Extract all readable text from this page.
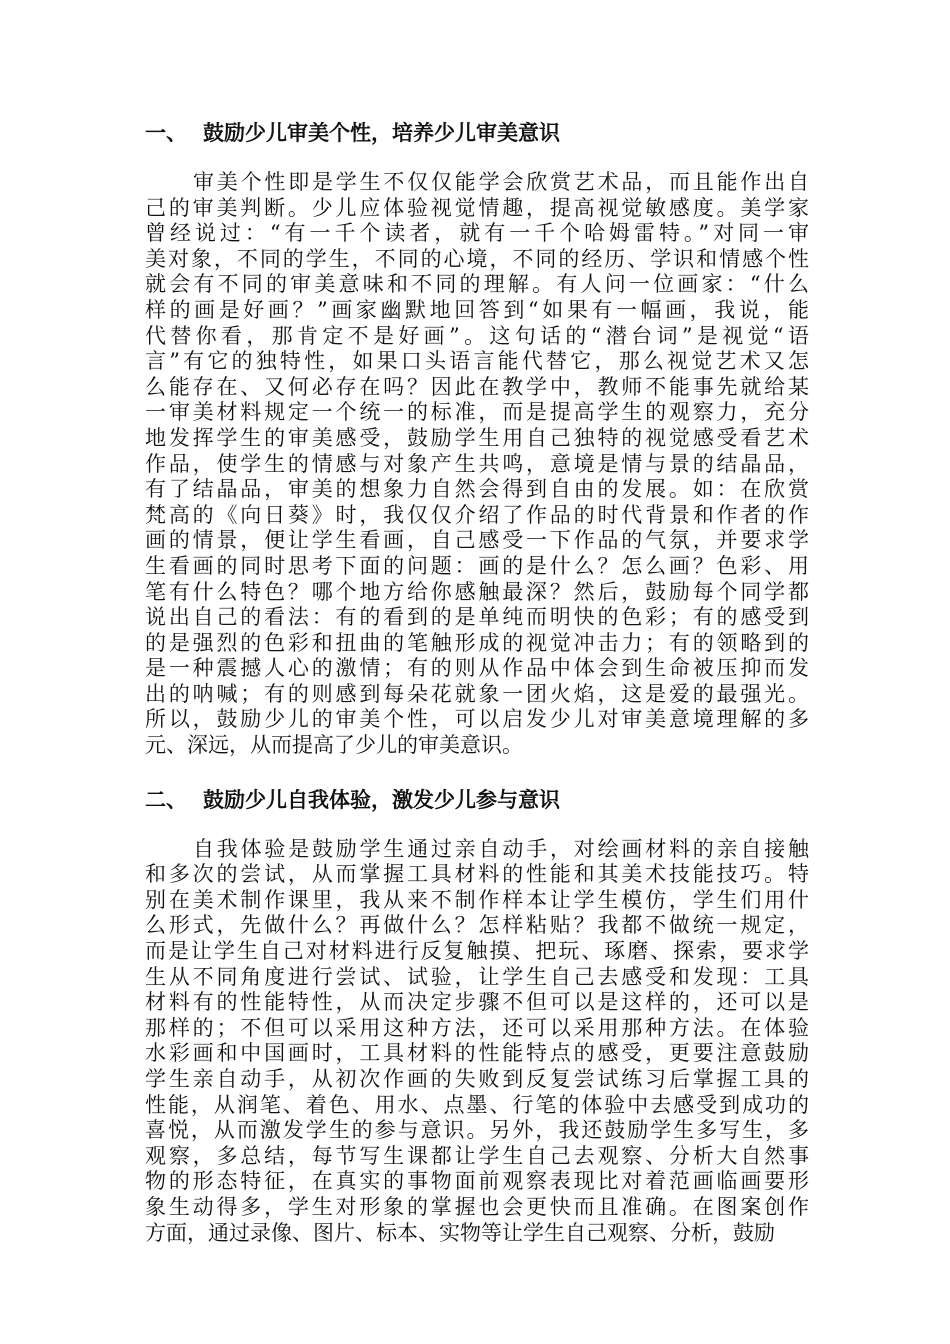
一、 鼓励少儿审美个性，培养少儿审美意识

审美个性即是学生不仅仅能学会欣赏艺术品，而且能作出自
己的审美判断。少儿应体验视觉情趣，提高视觉敏感度。美学家
曾经说过：“有一千个读者，就有一千个哈姆雷特。”对同一审
美对象，不同的学生，不同的心境，不同的经历、学识和情感个性
就会有不同的审美意味和不同的理解。有人问一位画家：“什么
样的画是好画？”画家幽默地回答到“如果有一幅画，我说，能
代替你看，那肯定不是好画”。这句话的“潜台词”是视觉“语
言”有它的独特性，如果口头语言能代替它，那么视觉艺术又怎
么能存在、又何必存在吗？因此在教学中，教师不能事先就给某
一审美材料规定一个统一的标准，而是提高学生的观察力，充分
地发挥学生的审美感受，鼓励学生用自己独特的视觉感受看艺术
作品，使学生的情感与对象产生共鸣，意境是情与景的结晶品，
有了结晶品，审美的想象力自然会得到自由的发展。如：在欣赏
梵高的《向日葵》时，我仅仅介绍了作品的时代背景和作者的作
画的情景，便让学生看画，自己感受一下作品的气氛，并要求学
生看画的同时思考下面的问题：画的是什么？怎么画？色彩、用
笔有什么特色？哪个地方给你感触最深？然后，鼓励每个同学都
说出自己的看法：有的看到的是单纯而明快的色彩；有的感受到
的是强烈的色彩和扭曲的笔触形成的视觉冲击力；有的领略到的
是一种震撼人心的激情；有的则从作品中体会到生命被压抑而发
出的呐喊；有的则感到每朵花就象一团火焰，这是爱的最强光。
所以，鼓励少儿的审美个性，可以启发少儿对审美意境理解的多
元、深远，从而提高了少儿的审美意识。

二、 鼓励少儿自我体验，激发少儿参与意识

自我体验是鼓励学生通过亲自动手，对绘画材料的亲自接触
和多次的尝试，从而掌握工具材料的性能和其美术技能技巧。特
别在美术制作课里，我从来不制作样本让学生模仿，学生们用什
么形式，先做什么？再做什么？怎样粘贴？我都不做统一规定，
而是让学生自己对材料进行反复触摸、把玩、琢磨、探索，要求学
生从不同角度进行尝试、试验，让学生自己去感受和发现：工具
材料有的性能特性，从而决定步骤不但可以是这样的，还可以是
那样的；不但可以采用这种方法，还可以采用那种方法。在体验
水彩画和中国画时，工具材料的性能特点的感受，更要注意鼓励
学生亲自动手，从初次作画的失败到反复尝试练习后掌握工具的
性能，从润笔、着色、用水、点墨、行笔的体验中去感受到成功的
喜悦，从而激发学生的参与意识。另外，我还鼓励学生多写生，多
观察，多总结，每节写生课都让学生自己去观察、分析大自然事
物的形态特征，在真实的事物面前观察表现比对着范画临画要形
象生动得多，学生对形象的掌握也会更快而且准确。在图案创作
方面，通过录像、图片、标本、实物等让学生自己观察、分析，鼓励
